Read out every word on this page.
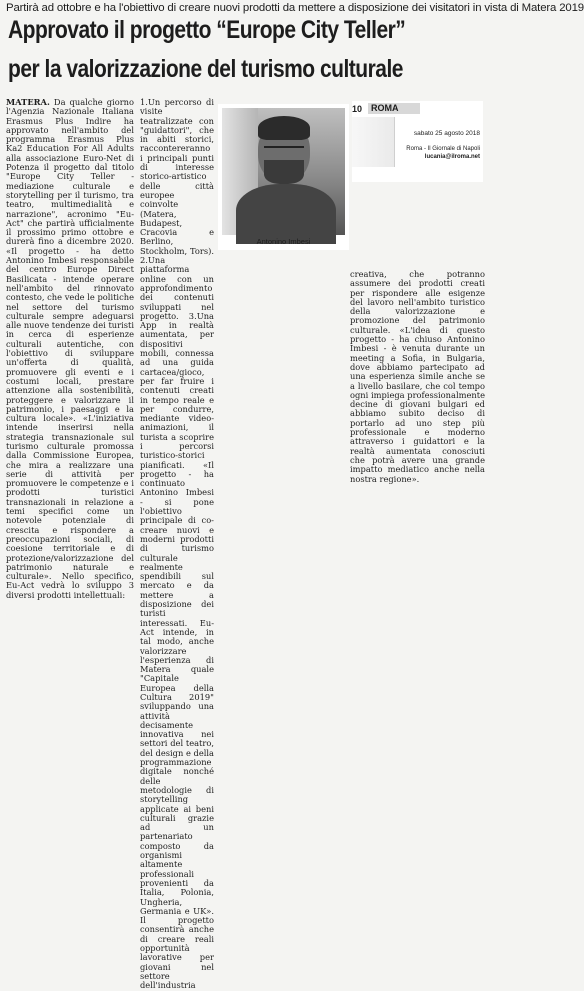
Partirà ad ottobre e ha l'obiettivo di creare nuovi prodotti da mettere a disposizione dei visitatori in vista di Matera 2019
Approvato il progetto “Europe City Teller”
per la valorizzazione del turismo culturale

MATERA. Da qualche giorno l'Agenzia Nazionale Italiana Erasmus Plus Indire ha approvato nell'ambito del programma Erasmus Plus Ka2 Education For All Adults alla associazione Euro-Net di Potenza il progetto dal titolo "Europe City Teller - mediazione culturale e storytelling per il turismo, tra teatro, multimedialità e narrazione", acronimo "Eu-Act" che partirà ufficialmente il prossimo primo ottobre e durerà fino a dicembre 2020. «Il progetto - ha detto Antonino Imbesi responsabile del centro Europe Direct Basilicata - intende operare nell'ambito del rinnovato contesto, che vede le politiche nel settore del turismo culturale sempre adeguarsi alle nuove tendenze dei turisti in cerca di esperienze culturali autentiche, con l'obiettivo di sviluppare un'offerta di qualità, promuovere gli eventi e i costumi locali, prestare attenzione alla sostenibilità, proteggere e valorizzare il patrimonio, i paesaggi e la cultura locale». «L'iniziativa intende inserirsi nella strategia transnazionale sul turismo culturale promossa dalla Commissione Europea, che mira a realizzare una serie di attività per promuovere le competenze e i prodotti turistici transnazionali in relazione a temi specifici come un notevole potenziale di crescita e rispondere a preoccupazioni sociali, di coesione territoriale e di protezione/valorizzazione del patrimonio naturale e culturale». Nello specifico, Eu-Act vedrà lo sviluppo 3 diversi prodotti intellettuali:

1.Un percorso di visite teatralizzate con "guidattori", che in abiti storici, raccontereranno i principali punti di interesse storico-artistico delle città europee coinvolte (Matera, Budapest, Cracovia e Berlino, Stockholm, Tors). 2.Una piattaforma online con un approfondimento dei contenuti sviluppati nel progetto. 3.Una App in realtà aumentata, per dispositivi mobili, connessa ad una guida cartacea/gioco, per far fruire i contenuti creati in tempo reale e per condurre, mediante video-animazioni, il turista a scoprire i percorsi turistico-storici pianificati. «Il progetto - ha continuato Antonino Imbesi - si pone l'obiettivo principale di co-creare nuovi e moderni prodotti di turismo culturale realmente spendibili sul mercato e da mettere a disposizione dei turisti interessati. Eu-Act intende, in tal modo, anche valorizzare l'esperienza di Matera quale "Capitale Europea della Cultura 2019" sviluppando una attività decisamente innovativa nei settori del teatro, del design e della programmazione digitale nonché delle metodologie di storytelling applicate ai beni culturali grazie ad un partenariato composto da organismi altamente professionali provenienti da Italia, Polonia, Ungheria, Germania e UK». Il progetto consentirà anche di creare reali opportunità lavorative per giovani nel settore dell'industria

Antonino Imbesi
10 ROMA
sabato 25 agosto 2018
Roma - Il Giornale di Napoli
lucania@ilroma.net

creativa, che potranno assumere dei prodotti creati per rispondere alle esigenze del lavoro nell'ambito turistico della valorizzazione e promozione del patrimonio culturale. «L'idea di questo progetto - ha chiuso Antonino Imbesi - è venuta durante un meeting a Sofia, in Bulgaria, dove abbiamo partecipato ad una esperienza simile anche se a livello basilare, che col tempo ogni impiega professionalmente decine di giovani bulgari ed abbiamo subito deciso di portarlo ad uno step più professionale e moderno attraverso i guidattori e la realtà aumentata conosciuti che potrà avere una grande impatto mediatico anche nella nostra regione».
